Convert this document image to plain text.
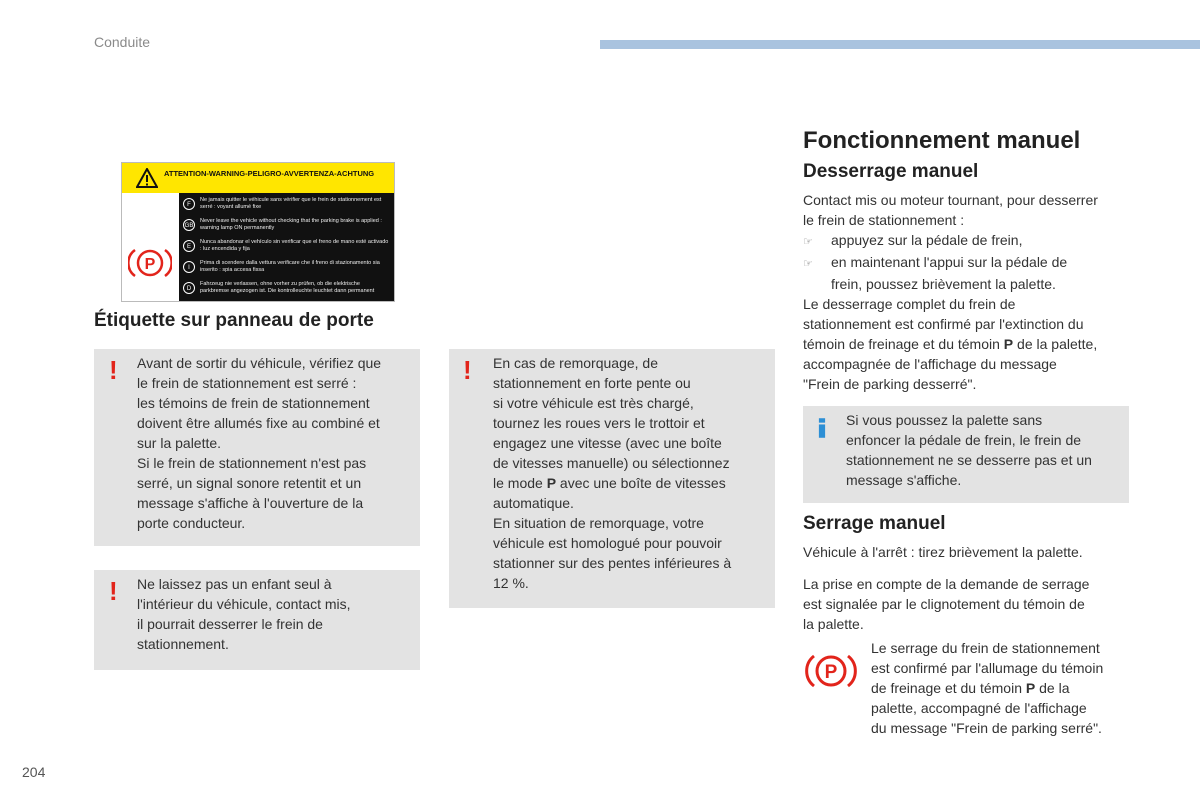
Conduite
ATTENTION-WARNING-PELIGRO-AVVERTENZA-ACHTUNG
P
F
Ne jamais quitter le véhicule sans vérifier que le frein de stationnement est serré : voyant allumé fixe
GB
Never leave the vehicle without checking that the parking brake is applied : warning lamp ON permanently
E
Nunca abandonar el vehículo sin verificar que el freno de mano esté activado : luz encendida y fija
I
Prima di scendere dalla vettura verificare che il freno di stazionamento sia inserito : spia accesa fissa
D
Fahrzeug nie verlassen, ohne vorher zu prüfen, ob die elektrische parkbremse angezogen ist. Die kontrolleuchte leuchtet dann permanent
Étiquette sur panneau de porte
! Avant de sortir du véhicule, vérifiez que

le frein de stationnement est serré :

les témoins de frein de stationnement

doivent être allumés fixe au combiné et

sur la palette.

Si le frein de stationnement n'est pas

serré, un signal sonore retentit et un

message s'affiche à l'ouverture de la

porte conducteur.

! Ne laissez pas un enfant seul à

l'intérieur du véhicule, contact mis,

il pourrait desserrer le frein de

stationnement.

! En cas de remorquage, de

stationnement en forte pente ou

si votre véhicule est très chargé,

tournez les roues vers le trottoir et

engagez une vitesse (avec une boîte

de vitesses manuelle) ou sélectionnez

le mode P avec une boîte de vitesses

automatique.

En situation de remorquage, votre

véhicule est homologué pour pouvoir

stationner sur des pentes inférieures à

12 %.

Fonctionnement manuel
Desserrage manuel

Contact mis ou moteur tournant, pour desserrer

le frein de stationnement :

☞ appuyez sur la pédale de frein,

☞ en maintenant l'appui sur la pédale de

frein, poussez brièvement la palette.

Le desserrage complet du frein de

stationnement est confirmé par l'extinction du

témoin de freinage et du témoin P de la palette,

accompagnée de l'affichage du message

"Frein de parking desserré".

Si vous poussez la palette sans

enfoncer la pédale de frein, le frein de

stationnement ne se desserre pas et un

message s'affiche.

Serrage manuel
Véhicule à l'arrêt : tirez brièvement la palette.

La prise en compte de la demande de serrage

est signalée par le clignotement du témoin de

la palette.

P

Le serrage du frein de stationnement

est confirmé par l'allumage du témoin

de freinage et du témoin P de la

palette, accompagné de l'affichage

du message "Frein de parking serré".

204
